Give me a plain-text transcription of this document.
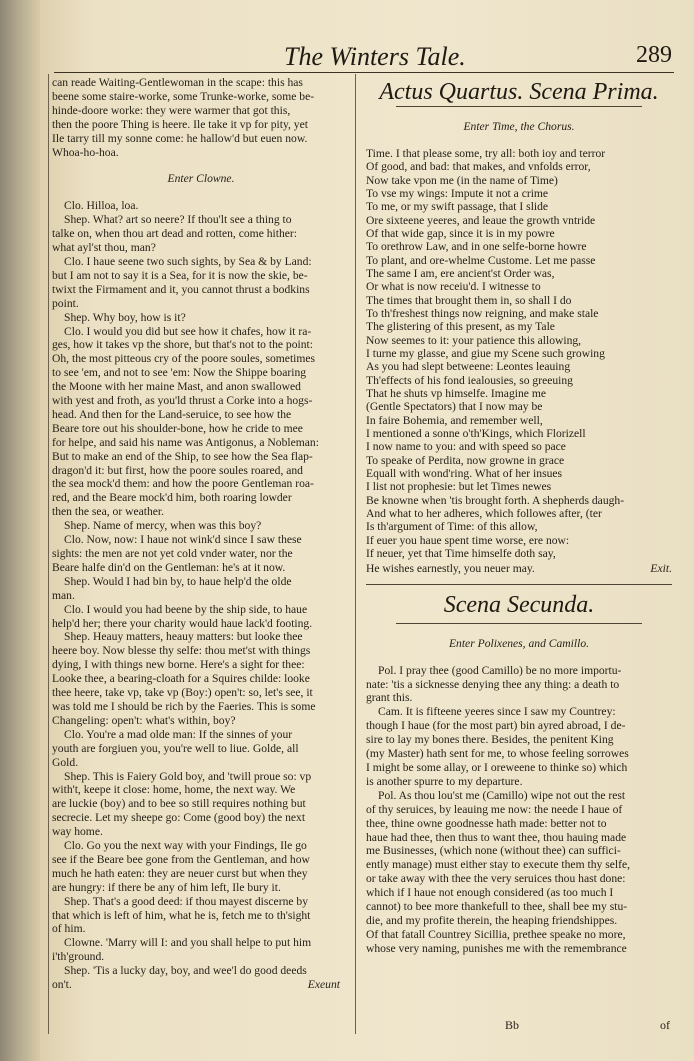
The Winters Tale.	289

can reade Waiting-Gentlewoman in the scape: this has

beene some staire-worke, some Trunke-worke, some be-

hinde-doore worke: they were warmer that got this,

then the poore Thing is heere. Ile take it vp for pity, yet

Ile tarry till my sonne come: he hallow'd but euen now.

Whoa-ho-hoa.

Enter Clowne.

Clo. Hilloa, loa.

Shep. What? art so neere? If thou'lt see a thing to

talke on, when thou art dead and rotten, come hither:

what ayl'st thou, man?

Clo. I haue seene two such sights, by Sea & by Land:

but I am not to say it is a Sea, for it is now the skie, be-

twixt the Firmament and it, you cannot thrust a bodkins

point.

Shep. Why boy, how is it?

Clo. I would you did but see how it chafes, how it ra-

ges, how it takes vp the shore, but that's not to the point:

Oh, the most pitteous cry of the poore soules, sometimes

to see 'em, and not to see 'em: Now the Shippe boaring

the Moone with her maine Mast, and anon swallowed

with yest and froth, as you'ld thrust a Corke into a hogs-

head. And then for the Land-seruice, to see how the

Beare tore out his shoulder-bone, how he cride to mee

for helpe, and said his name was Antigonus, a Nobleman:

But to make an end of the Ship, to see how the Sea flap-

dragon'd it: but first, how the poore soules roared, and

the sea mock'd them: and how the poore Gentleman roa-

red, and the Beare mock'd him, both roaring lowder

then the sea, or weather.

Shep. Name of mercy, when was this boy?

Clo. Now, now: I haue not wink'd since I saw these

sights: the men are not yet cold vnder water, nor the

Beare halfe din'd on the Gentleman: he's at it now.

Shep. Would I had bin by, to haue help'd the olde

man.

Clo. I would you had beene by the ship side, to haue

help'd her; there your charity would haue lack'd footing.

Shep. Heauy matters, heauy matters: but looke thee

heere boy. Now blesse thy selfe: thou met'st with things

dying, I with things new borne. Here's a sight for thee:

Looke thee, a bearing-cloath for a Squires childe: looke

thee heere, take vp, take vp (Boy:) open't: so, let's see, it

was told me I should be rich by the Faeries. This is some

Changeling: open't: what's within, boy?

Clo. You're a mad olde man: If the sinnes of your

youth are forgiuen you, you're well to liue. Golde, all

Gold.

Shep. This is Faiery Gold boy, and 'twill proue so: vp

with't, keepe it close: home, home, the next way. We

are luckie (boy) and to bee so still requires nothing but

secrecie. Let my sheepe go: Come (good boy) the next

way home.

Clo. Go you the next way with your Findings, Ile go

see if the Beare bee gone from the Gentleman, and how

much he hath eaten: they are neuer curst but when they

are hungry: if there be any of him left, Ile bury it.

Shep. That's a good deed: if thou mayest discerne by

that which is left of him, what he is, fetch me to th'sight

of him.

Clowne. 'Marry will I: and you shall helpe to put him

i'th'ground.

Shep. 'Tis a lucky day, boy, and wee'l do good deeds

on't.	Exeunt

Actus Quartus. Scena Prima.

Enter Time, the Chorus.

Time. I that please some, try all: both ioy and terror

Of good, and bad: that makes, and vnfolds error,

Now take vpon me (in the name of Time)

To vse my wings: Impute it not a crime

To me, or my swift passage, that I slide

Ore sixteene yeeres, and leaue the growth vntride

Of that wide gap, since it is in my powre

To orethrow Law, and in one selfe-borne howre

To plant, and ore-whelme Custome. Let me passe

The same I am, ere ancient'st Order was,

Or what is now receiu'd. I witnesse to

The times that brought them in, so shall I do

To th'freshest things now reigning, and make stale

The glistering of this present, as my Tale

Now seemes to it: your patience this allowing,

I turne my glasse, and giue my Scene such growing

As you had slept betweene: Leontes leauing

Th'effects of his fond iealousies, so greeuing

That he shuts vp himselfe. Imagine me

(Gentle Spectators) that I now may be

In faire Bohemia, and remember well,

I mentioned a sonne o'th'Kings, which Florizell

I now name to you: and with speed so pace

To speake of Perdita, now growne in grace

Equall with wond'ring. What of her insues

I list not prophesie: but let Times newes

Be knowne when 'tis brought forth. A shepherds daugh-

And what to her adheres, which followes after, (ter

Is th'argument of Time: of this allow,

If euer you haue spent time worse, ere now:

If neuer, yet that Time himselfe doth say,

He wishes earnestly, you neuer may.	Exit.

Scena Secunda.

Enter Polixenes, and Camillo.

Pol. I pray thee (good Camillo) be no more importu-

nate: 'tis a sicknesse denying thee any thing: a death to

grant this.

Cam. It is fifteene yeeres since I saw my Countrey:

though I haue (for the most part) bin ayred abroad, I de-

sire to lay my bones there. Besides, the penitent King

(my Master) hath sent for me, to whose feeling sorrowes

I might be some allay, or I oreweene to thinke so) which

is another spurre to my departure.

Pol. As thou lou'st me (Camillo) wipe not out the rest

of thy seruices, by leauing me now: the neede I haue of

thee, thine owne goodnesse hath made: better not to

haue had thee, then thus to want thee, thou hauing made

me Businesses, (which none (without thee) can suffici-

ently manage) must either stay to execute them thy selfe,

or take away with thee the very seruices thou hast done:

which if I haue not enough considered (as too much I

cannot) to bee more thankefull to thee, shall bee my stu-

die, and my profite therein, the heaping friendshippes.

Of that fatall Countrey Sicillia, prethee speake no more,

whose very naming, punishes me with the remembrance

Bb	of
